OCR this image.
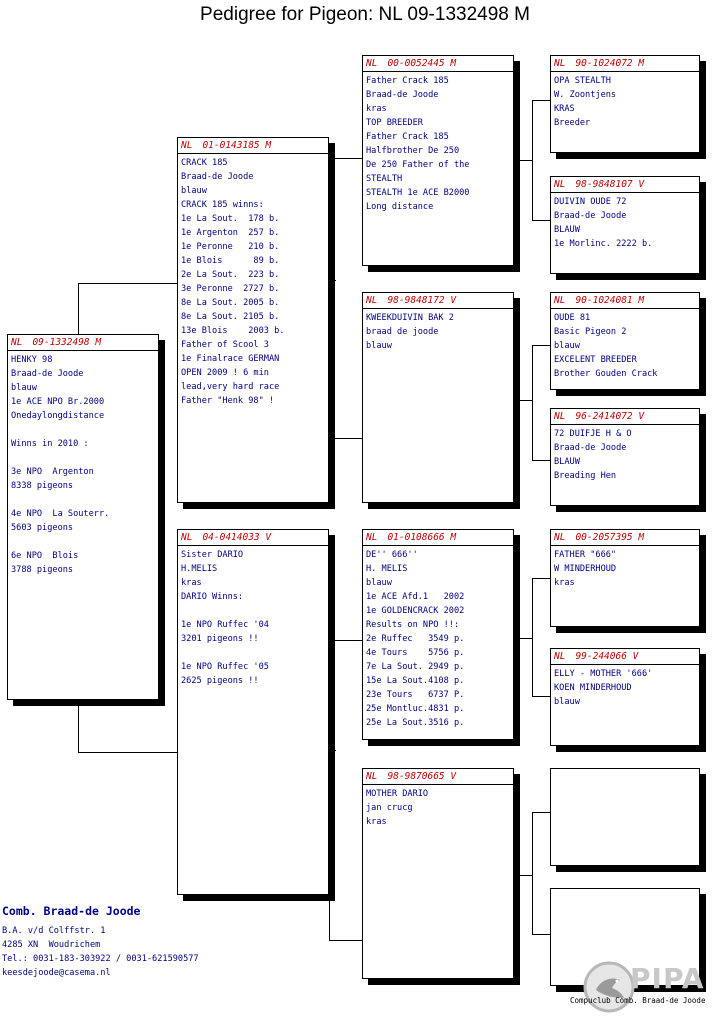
Pedigree for Pigeon: NL 09-1332498 M
NL 09-1332498 M
HENKY 98
Braad-de Joode
blauw
1e ACE NPO Br.2000
Onedaylongdistance

Winns in 2010 :

3e NPO  Argenton
8338 pigeons

4e NPO  La Souterr.
5603 pigeons

6e NPO  Blois
3788 pigeons
NL 01-0143185 M
CRACK 185
Braad-de Joode
blauw
CRACK 185 winns:
1e La Sout.  178 b.
1e Argenton  257 b.
1e Peronne   210 b.
1e Blois      89 b.
2e La Sout.  223 b.
3e Peronne  2727 b.
8e La Sout. 2005 b.
8e La Sout. 2105 b.
13e Blois    2003 b.
Father of Scool 3
1e Finalrace GERMAN
OPEN 2009 ! 6 min
lead,very hard race
Father "Henk 98" !
NL 04-0414033 V
Sister DARIO
H.MELIS
kras
DARIO Winns:

1e NPO Ruffec '04
3201 pigeons !!

1e NPO Ruffec '05
2625 pigeons !!
NL 00-0052445 M
Father Crack 185
Braad-de Joode
kras
TOP BREEDER
Father Crack 185
Halfbrother De 250
De 250 Father of the
STEALTH
STEALTH 1e ACE B2000
Long distance
NL 98-9848172 V
KWEEKDUIVIN BAK 2
braad de joode
blauw
NL 01-0108666 M
DE'' 666''
H. MELIS
blauw
1e ACE Afd.1   2002
1e GOLDENCRACK 2002
Results on NPO !!:
2e Ruffec   3549 p.
4e Tours    5756 p.
7e La Sout. 2949 p.
15e La Sout.4108 p.
23e Tours   6737 P.
25e Montluc.4831 p.
25e La Sout.3516 p.
NL 98-9870665 V
MOTHER DARIO
jan crucg
kras
NL 90-1024072 M
OPA STEALTH
W. Zoontjens
KRAS
Breeder
NL 98-9848107 V
DUIVIN OUDE 72
Braad-de Joode
BLAUW
1e Morlinc. 2222 b.
NL 90-1024081 M
OUDE 81
Basic Pigeon 2
blauw
EXCELENT BREEDER
Brother Gouden Crack
NL 96-2414072 V
72 DUIFJE H & O
Braad-de Joode
BLAUW
Breading Hen
NL 00-2057395 M
FATHER "666"
W MINDERHOUD
kras
NL 99-244066 V
ELLY - MOTHER '666'
KOEN MINDERHOUD
blauw
Comb. Braad-de Joode
B.A. v/d Colffstr. 1
4285 XN  Woudrichem
Tel.: 0031-183-303922 / 0031-621590577
keesdejoode@casema.nl	PIPA
Compuclub Comb. Braad-de Joode
